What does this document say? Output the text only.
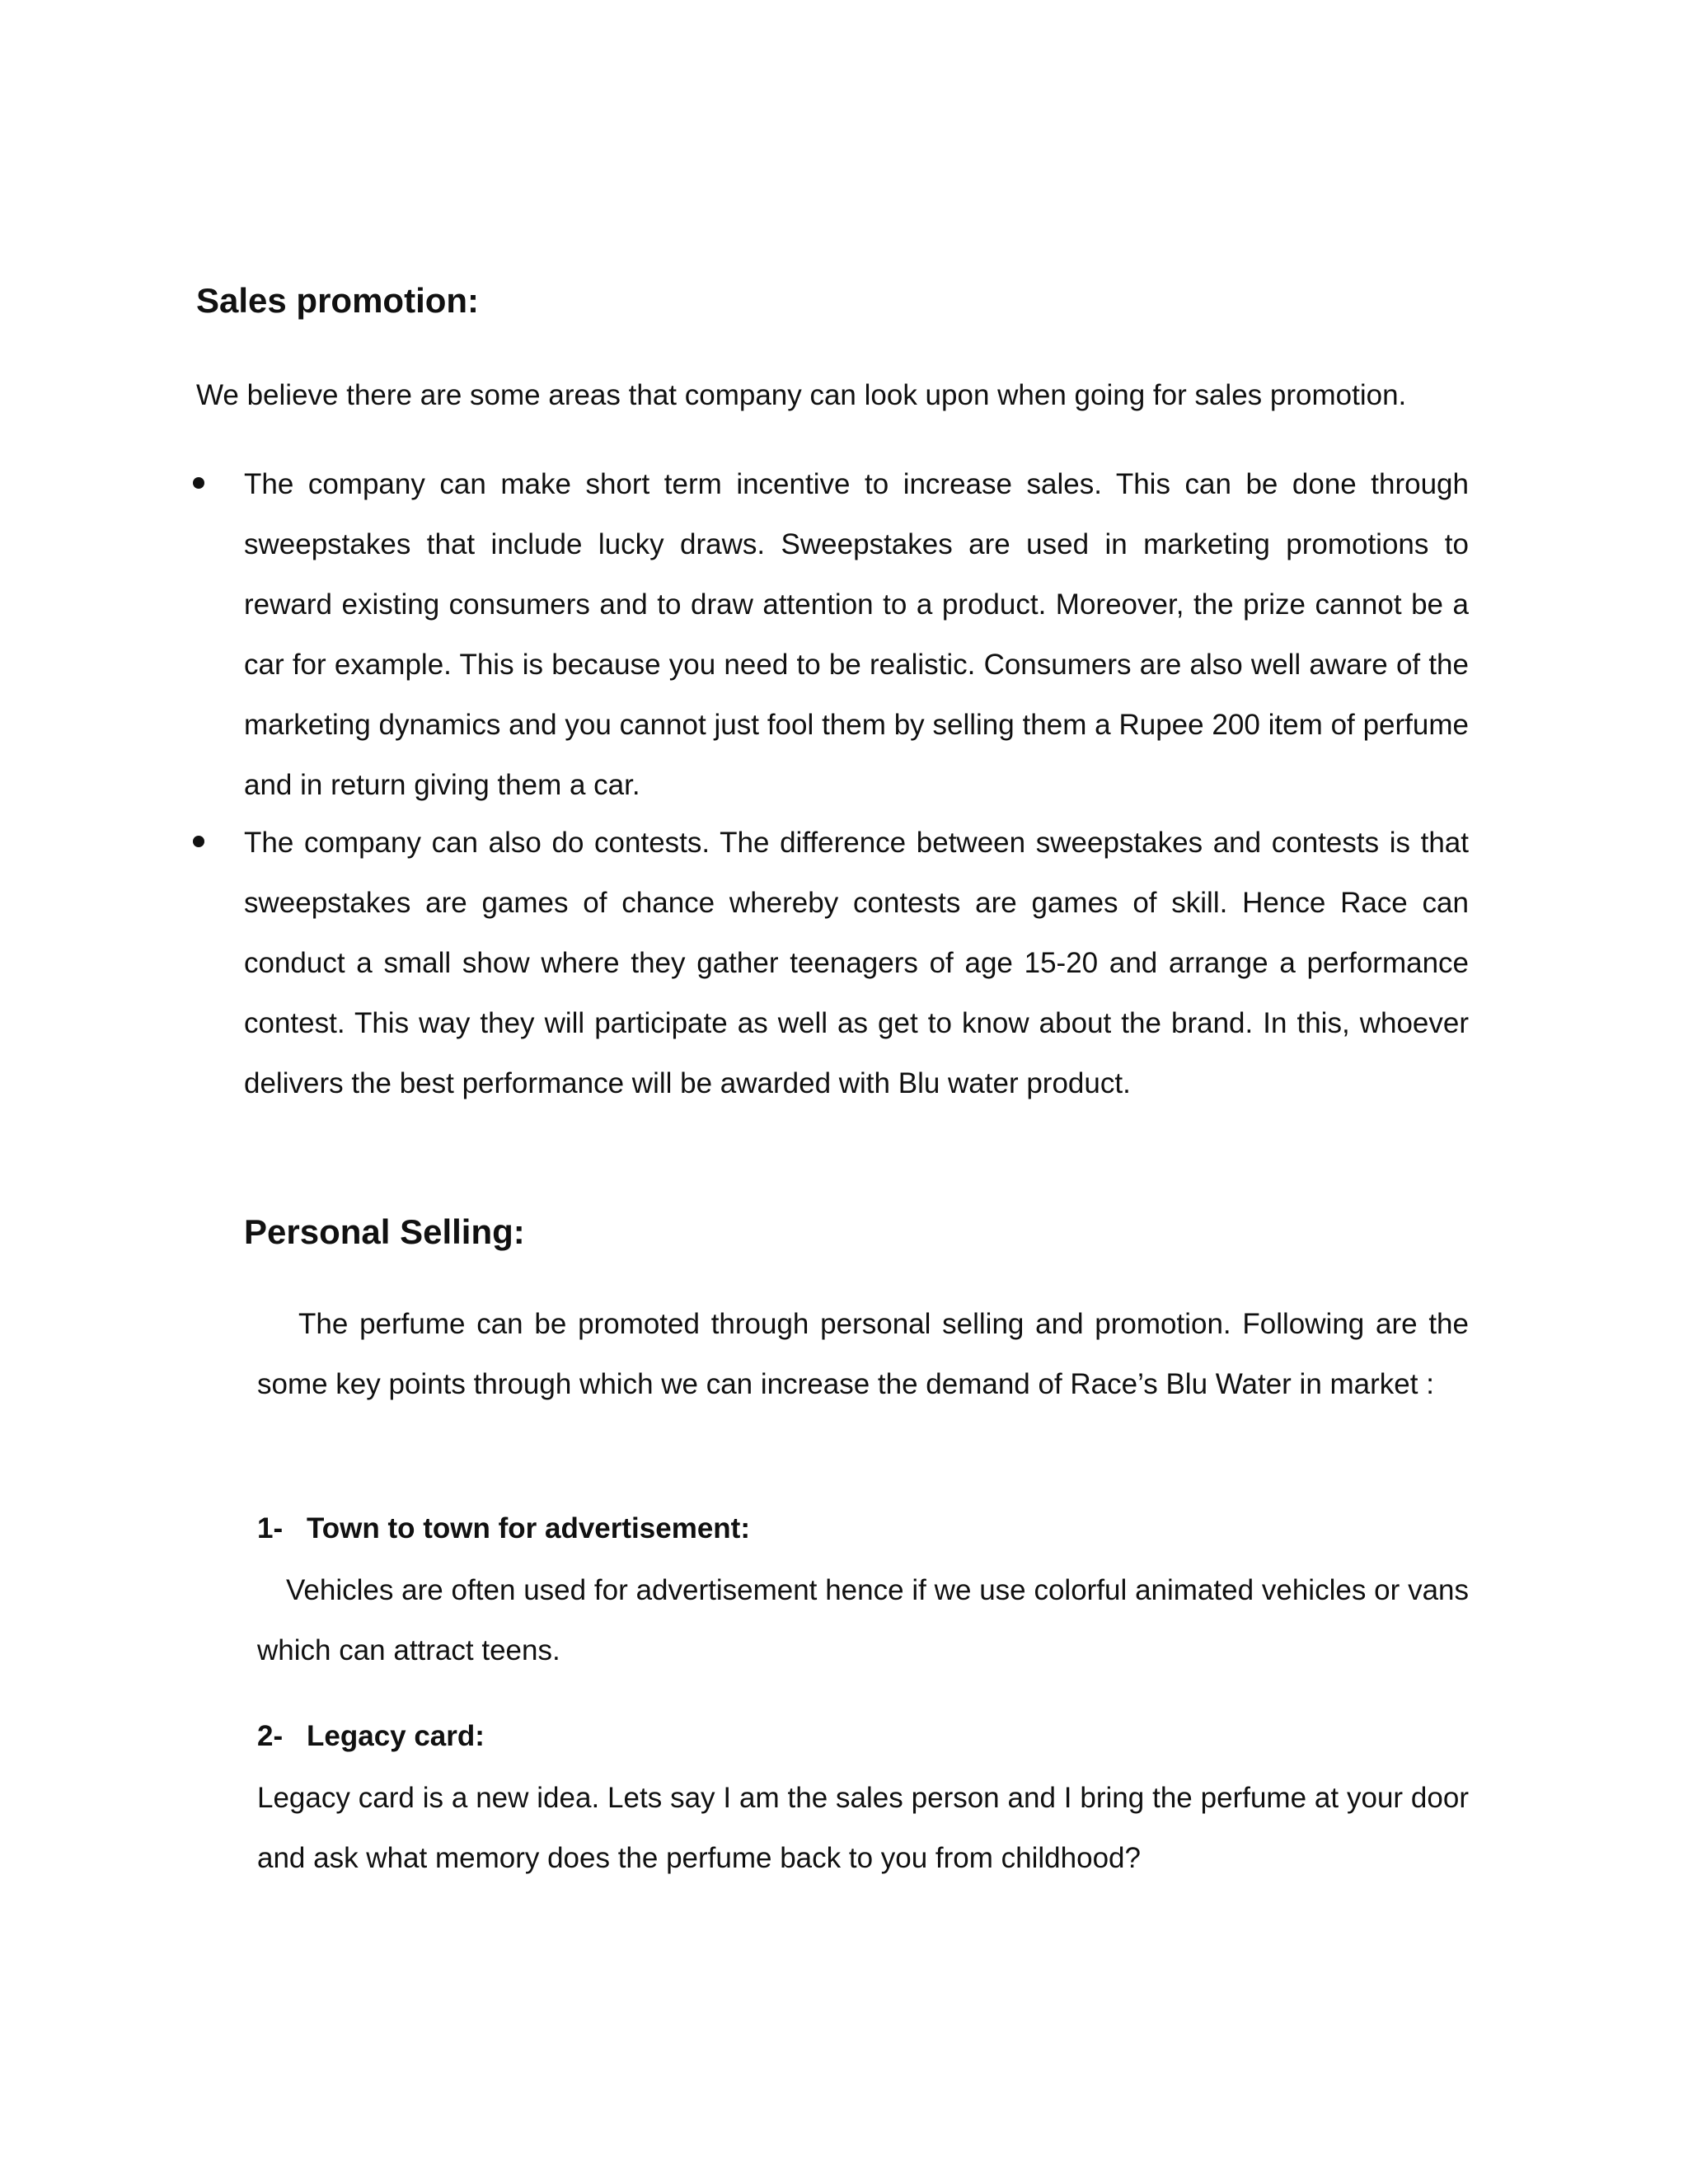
Sales promotion:

We believe there are some areas that company can look upon when going for sales promotion.

The company can make short term incentive to increase sales. This can be done through sweepstakes that include lucky draws. Sweepstakes are used in marketing promotions to reward existing consumers and to draw attention to a product. Moreover, the prize cannot be a car for example. This is because you need to be realistic. Consumers are also well aware of the marketing dynamics and you cannot just fool them by selling them a Rupee 200 item of perfume and in return giving them a car.

The company can also do contests. The difference between sweepstakes and contests is that sweepstakes are games of chance whereby contests are games of skill. Hence Race can conduct a small show where they gather teenagers of age 15-20 and arrange a performance contest. This way they will participate as well as get to know about the brand. In this, whoever delivers the best performance will be awarded with Blu water product.

Personal Selling:

The perfume can be promoted through personal selling and promotion. Following are the some key points through which we can increase the demand of Race’s Blu Water in market :

1- Town to town for advertisement:

Vehicles are often used for advertisement hence if we use colorful animated vehicles or vans which can attract teens.

2- Legacy card:

Legacy card is a new idea. Lets say I am the sales person and I bring the perfume at your door and ask what memory does the perfume back to you from childhood?
